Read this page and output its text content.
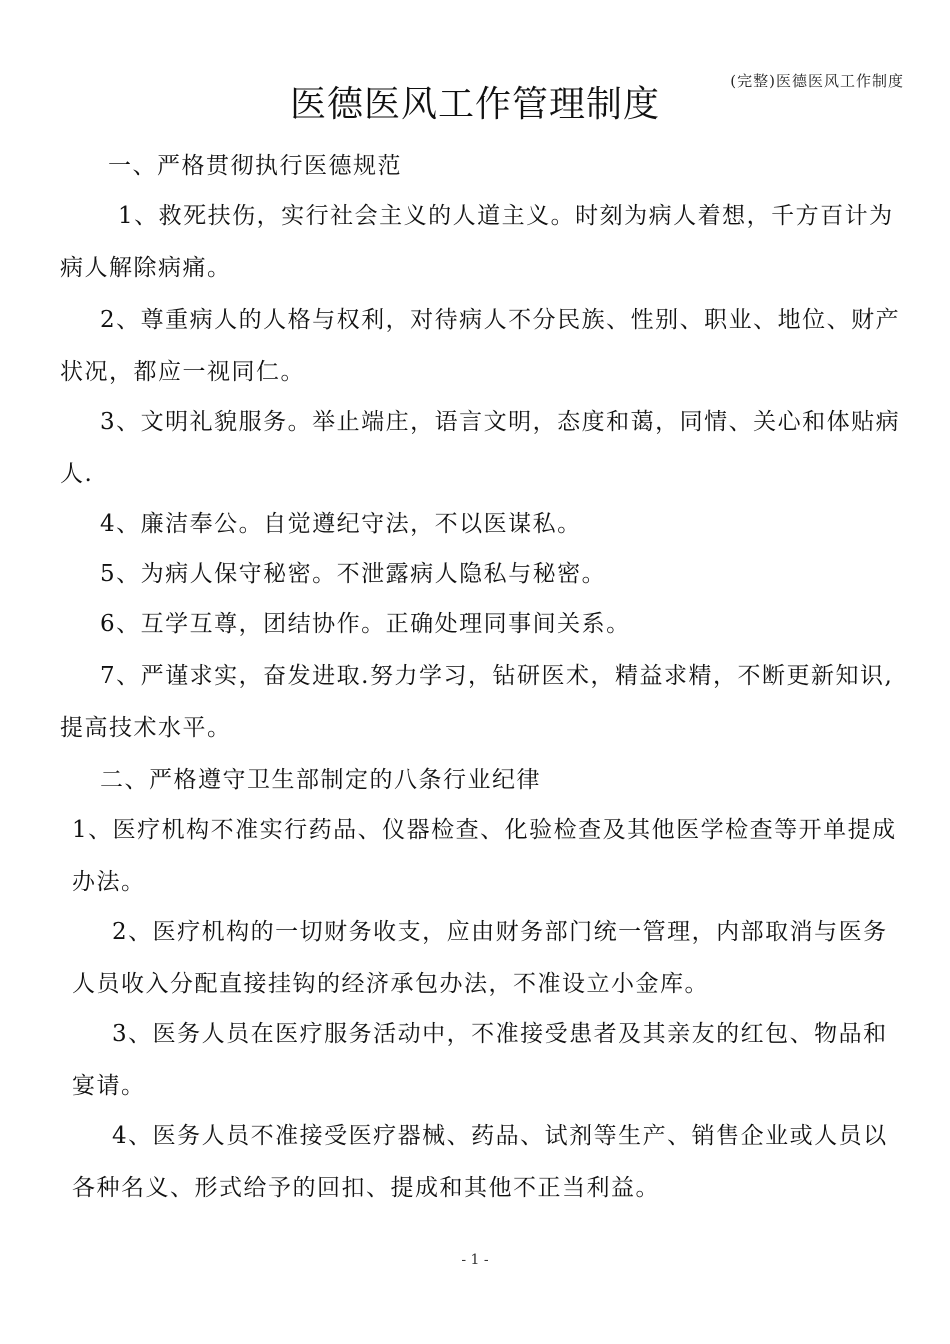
(完整)医德医风工作制度
医德医风工作管理制度

一、严格贯彻执行医德规范

1、救死扶伤，实行社会主义的人道主义。时刻为病人着想，千方百计为病人解除病痛。

2、尊重病人的人格与权利，对待病人不分民族、性别、职业、地位、财产状况，都应一视同仁。

3、文明礼貌服务。举止端庄，语言文明，态度和蔼，同情、关心和体贴病人.

4、廉洁奉公。自觉遵纪守法，不以医谋私。

5、为病人保守秘密。不泄露病人隐私与秘密。

6、互学互尊，团结协作。正确处理同事间关系。

7、严谨求实，奋发进取.努力学习，钻研医术，精益求精，不断更新知识,提高技术水平。

二、严格遵守卫生部制定的八条行业纪律

1、医疗机构不准实行药品、仪器检查、化验检查及其他医学检查等开单提成办法。

2、医疗机构的一切财务收支，应由财务部门统一管理，内部取消与医务人员收入分配直接挂钩的经济承包办法，不准设立小金库。

3、医务人员在医疗服务活动中，不准接受患者及其亲友的红包、物品和宴请。

4、医务人员不准接受医疗器械、药品、试剂等生产、销售企业或人员以各种名义、形式给予的回扣、提成和其他不正当利益。

- 1 -
